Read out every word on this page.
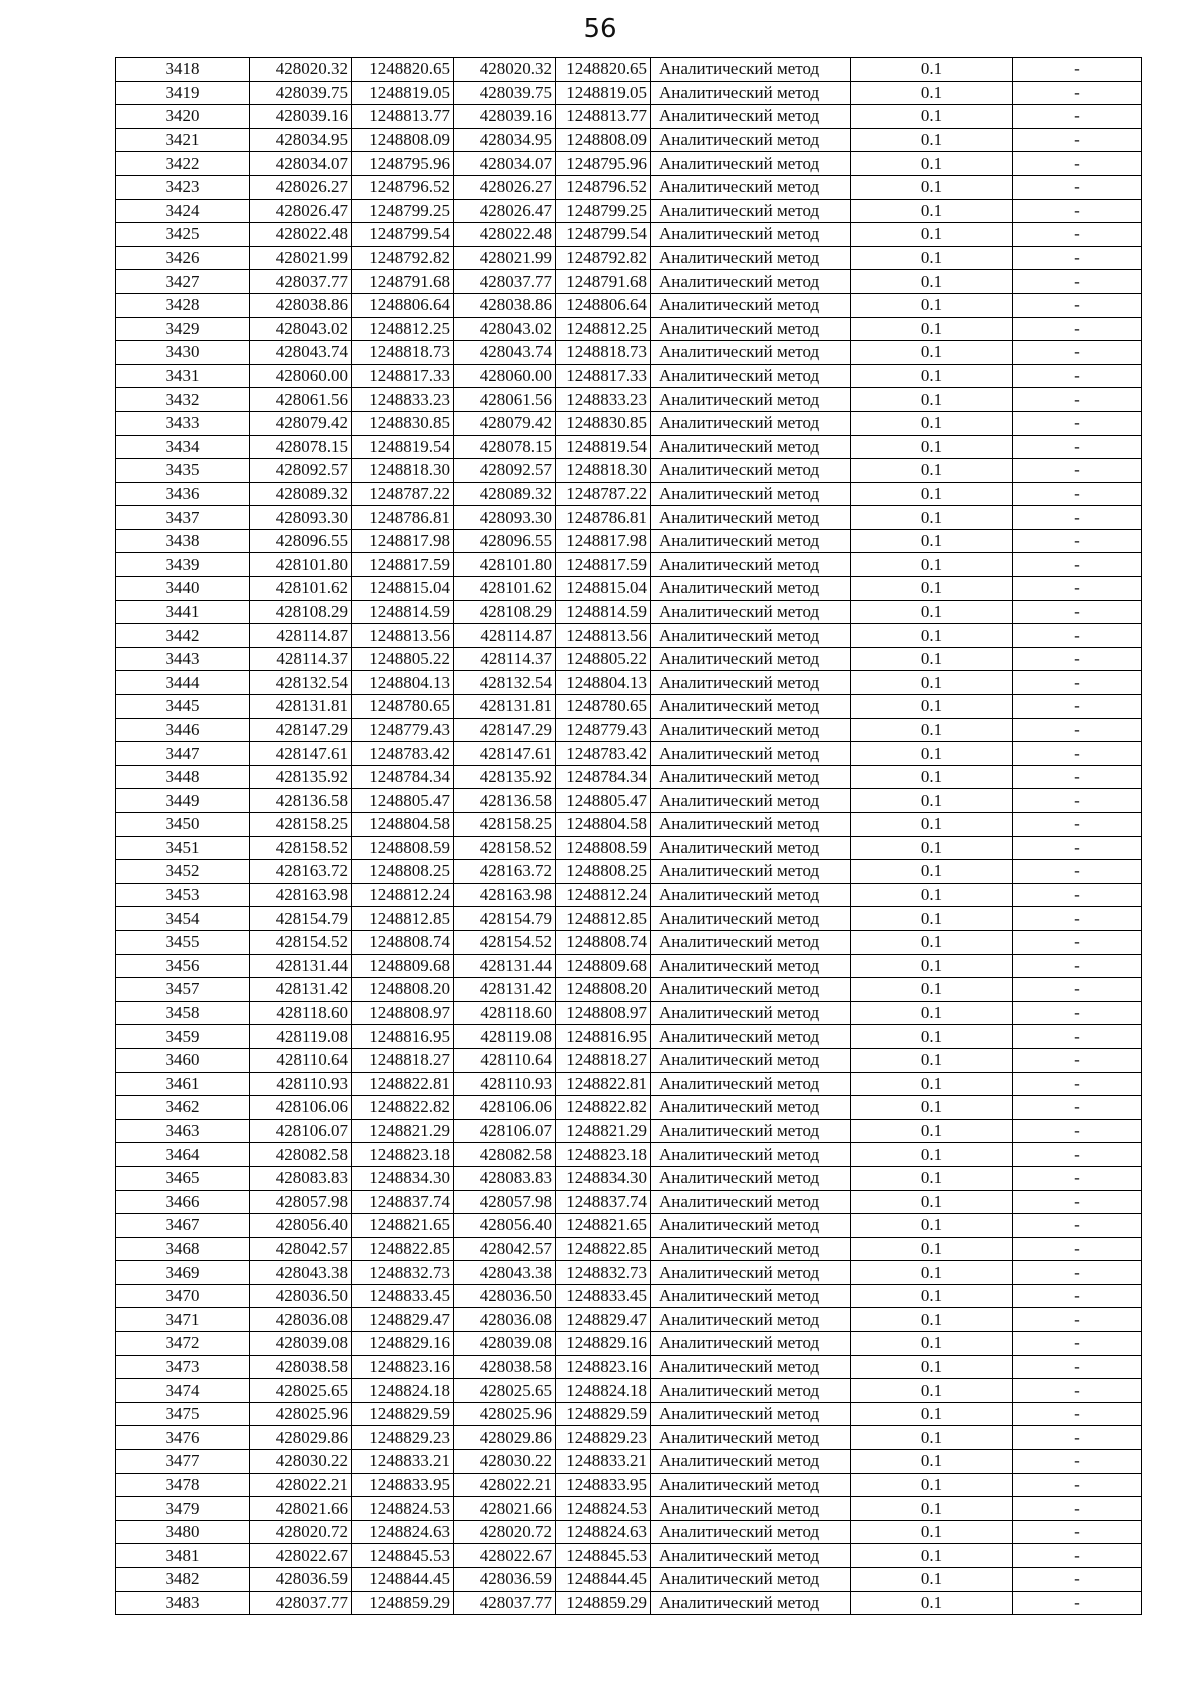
56
3418	428020.32	1248820.65	428020.32	1248820.65	Аналитический метод	0.1	-
3419	428039.75	1248819.05	428039.75	1248819.05	Аналитический метод	0.1	-
3420	428039.16	1248813.77	428039.16	1248813.77	Аналитический метод	0.1	-
3421	428034.95	1248808.09	428034.95	1248808.09	Аналитический метод	0.1	-
3422	428034.07	1248795.96	428034.07	1248795.96	Аналитический метод	0.1	-
3423	428026.27	1248796.52	428026.27	1248796.52	Аналитический метод	0.1	-
3424	428026.47	1248799.25	428026.47	1248799.25	Аналитический метод	0.1	-
3425	428022.48	1248799.54	428022.48	1248799.54	Аналитический метод	0.1	-
3426	428021.99	1248792.82	428021.99	1248792.82	Аналитический метод	0.1	-
3427	428037.77	1248791.68	428037.77	1248791.68	Аналитический метод	0.1	-
3428	428038.86	1248806.64	428038.86	1248806.64	Аналитический метод	0.1	-
3429	428043.02	1248812.25	428043.02	1248812.25	Аналитический метод	0.1	-
3430	428043.74	1248818.73	428043.74	1248818.73	Аналитический метод	0.1	-
3431	428060.00	1248817.33	428060.00	1248817.33	Аналитический метод	0.1	-
3432	428061.56	1248833.23	428061.56	1248833.23	Аналитический метод	0.1	-
3433	428079.42	1248830.85	428079.42	1248830.85	Аналитический метод	0.1	-
3434	428078.15	1248819.54	428078.15	1248819.54	Аналитический метод	0.1	-
3435	428092.57	1248818.30	428092.57	1248818.30	Аналитический метод	0.1	-
3436	428089.32	1248787.22	428089.32	1248787.22	Аналитический метод	0.1	-
3437	428093.30	1248786.81	428093.30	1248786.81	Аналитический метод	0.1	-
3438	428096.55	1248817.98	428096.55	1248817.98	Аналитический метод	0.1	-
3439	428101.80	1248817.59	428101.80	1248817.59	Аналитический метод	0.1	-
3440	428101.62	1248815.04	428101.62	1248815.04	Аналитический метод	0.1	-
3441	428108.29	1248814.59	428108.29	1248814.59	Аналитический метод	0.1	-
3442	428114.87	1248813.56	428114.87	1248813.56	Аналитический метод	0.1	-
3443	428114.37	1248805.22	428114.37	1248805.22	Аналитический метод	0.1	-
3444	428132.54	1248804.13	428132.54	1248804.13	Аналитический метод	0.1	-
3445	428131.81	1248780.65	428131.81	1248780.65	Аналитический метод	0.1	-
3446	428147.29	1248779.43	428147.29	1248779.43	Аналитический метод	0.1	-
3447	428147.61	1248783.42	428147.61	1248783.42	Аналитический метод	0.1	-
3448	428135.92	1248784.34	428135.92	1248784.34	Аналитический метод	0.1	-
3449	428136.58	1248805.47	428136.58	1248805.47	Аналитический метод	0.1	-
3450	428158.25	1248804.58	428158.25	1248804.58	Аналитический метод	0.1	-
3451	428158.52	1248808.59	428158.52	1248808.59	Аналитический метод	0.1	-
3452	428163.72	1248808.25	428163.72	1248808.25	Аналитический метод	0.1	-
3453	428163.98	1248812.24	428163.98	1248812.24	Аналитический метод	0.1	-
3454	428154.79	1248812.85	428154.79	1248812.85	Аналитический метод	0.1	-
3455	428154.52	1248808.74	428154.52	1248808.74	Аналитический метод	0.1	-
3456	428131.44	1248809.68	428131.44	1248809.68	Аналитический метод	0.1	-
3457	428131.42	1248808.20	428131.42	1248808.20	Аналитический метод	0.1	-
3458	428118.60	1248808.97	428118.60	1248808.97	Аналитический метод	0.1	-
3459	428119.08	1248816.95	428119.08	1248816.95	Аналитический метод	0.1	-
3460	428110.64	1248818.27	428110.64	1248818.27	Аналитический метод	0.1	-
3461	428110.93	1248822.81	428110.93	1248822.81	Аналитический метод	0.1	-
3462	428106.06	1248822.82	428106.06	1248822.82	Аналитический метод	0.1	-
3463	428106.07	1248821.29	428106.07	1248821.29	Аналитический метод	0.1	-
3464	428082.58	1248823.18	428082.58	1248823.18	Аналитический метод	0.1	-
3465	428083.83	1248834.30	428083.83	1248834.30	Аналитический метод	0.1	-
3466	428057.98	1248837.74	428057.98	1248837.74	Аналитический метод	0.1	-
3467	428056.40	1248821.65	428056.40	1248821.65	Аналитический метод	0.1	-
3468	428042.57	1248822.85	428042.57	1248822.85	Аналитический метод	0.1	-
3469	428043.38	1248832.73	428043.38	1248832.73	Аналитический метод	0.1	-
3470	428036.50	1248833.45	428036.50	1248833.45	Аналитический метод	0.1	-
3471	428036.08	1248829.47	428036.08	1248829.47	Аналитический метод	0.1	-
3472	428039.08	1248829.16	428039.08	1248829.16	Аналитический метод	0.1	-
3473	428038.58	1248823.16	428038.58	1248823.16	Аналитический метод	0.1	-
3474	428025.65	1248824.18	428025.65	1248824.18	Аналитический метод	0.1	-
3475	428025.96	1248829.59	428025.96	1248829.59	Аналитический метод	0.1	-
3476	428029.86	1248829.23	428029.86	1248829.23	Аналитический метод	0.1	-
3477	428030.22	1248833.21	428030.22	1248833.21	Аналитический метод	0.1	-
3478	428022.21	1248833.95	428022.21	1248833.95	Аналитический метод	0.1	-
3479	428021.66	1248824.53	428021.66	1248824.53	Аналитический метод	0.1	-
3480	428020.72	1248824.63	428020.72	1248824.63	Аналитический метод	0.1	-
3481	428022.67	1248845.53	428022.67	1248845.53	Аналитический метод	0.1	-
3482	428036.59	1248844.45	428036.59	1248844.45	Аналитический метод	0.1	-
3483	428037.77	1248859.29	428037.77	1248859.29	Аналитический метод	0.1	-
